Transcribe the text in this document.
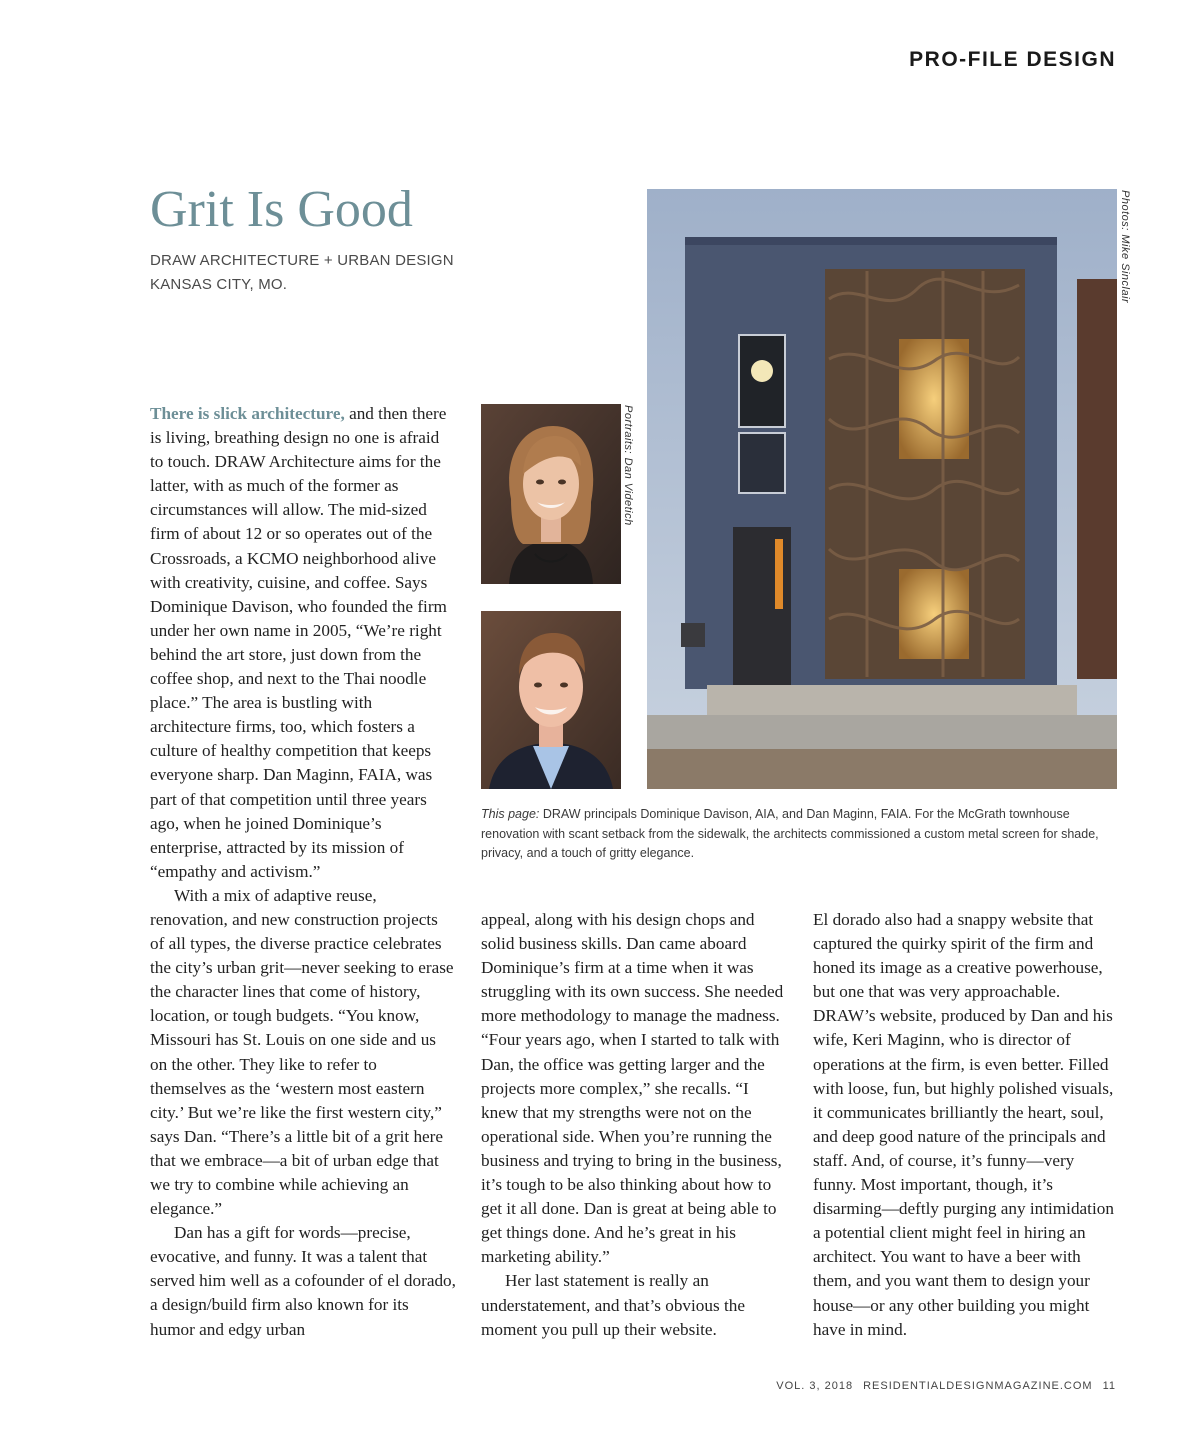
PRO-FILE DESIGN
Grit Is Good
DRAW ARCHITECTURE + URBAN DESIGN
KANSAS CITY, MO.

There is slick architecture, and then there is living, breathing design no one is afraid to touch. DRAW Architecture aims for the latter, with as much of the former as circumstances will allow. The mid-sized firm of about 12 or so operates out of the Crossroads, a KCMO neighborhood alive with creativity, cuisine, and coffee. Says Dominique Davison, who founded the firm under her own name in 2005, “We’re right behind the art store, just down from the coffee shop, and next to the Thai noodle place.” The area is bustling with architecture firms, too, which fosters a culture of healthy competition that keeps everyone sharp. Dan Maginn, FAIA, was part of that competition until three years ago, when he joined Dominique’s enterprise, attracted by its mission of “empathy and activism.”

With a mix of adaptive reuse, renovation, and new construction projects of all types, the diverse practice celebrates the city’s urban grit—never seeking to erase the character lines that come of history, location, or tough budgets. “You know, Missouri has St. Louis on one side and us on the other. They like to refer to themselves as the ‘western most eastern city.’ But we’re like the first western city,” says Dan. “There’s a little bit of a grit here that we embrace—a bit of urban edge that we try to combine while achieving an elegance.”

Dan has a gift for words—precise, evocative, and funny. It was a talent that served him well as a cofounder of el dorado, a design/build firm also known for its humor and edgy urban

Portraits: Dan Videtich
Photos: Mike Sinclair
This page: DRAW principals Dominique Davison, AIA, and Dan Maginn, FAIA. For the McGrath townhouse renovation with scant setback from the sidewalk, the architects commissioned a custom metal screen for shade, privacy, and a touch of gritty elegance.

appeal, along with his design chops and solid business skills. Dan came aboard Dominique’s firm at a time when it was struggling with its own success. She needed more methodology to manage the madness. “Four years ago, when I started to talk with Dan, the office was getting larger and the projects more complex,” she recalls. “I knew that my strengths were not on the operational side. When you’re running the business and trying to bring in the business, it’s tough to be also thinking about how to get it all done. Dan is great at being able to get things done. And he’s great in his marketing ability.”

Her last statement is really an understatement, and that’s obvious the moment you pull up their website.

El dorado also had a snappy website that captured the quirky spirit of the firm and honed its image as a creative powerhouse, but one that was very approachable. DRAW’s website, produced by Dan and his wife, Keri Maginn, who is director of operations at the firm, is even better. Filled with loose, fun, but highly polished visuals, it communicates brilliantly the heart, soul, and deep good nature of the principals and staff. And, of course, it’s funny—very funny. Most important, though, it’s disarming—deftly purging any intimidation a potential client might feel in hiring an architect. You want to have a beer with them, and you want them to design your house—or any other building you might have in mind.

VOL. 3, 2018 RESIDENTIALDESIGNMAGAZINE.COM 11
